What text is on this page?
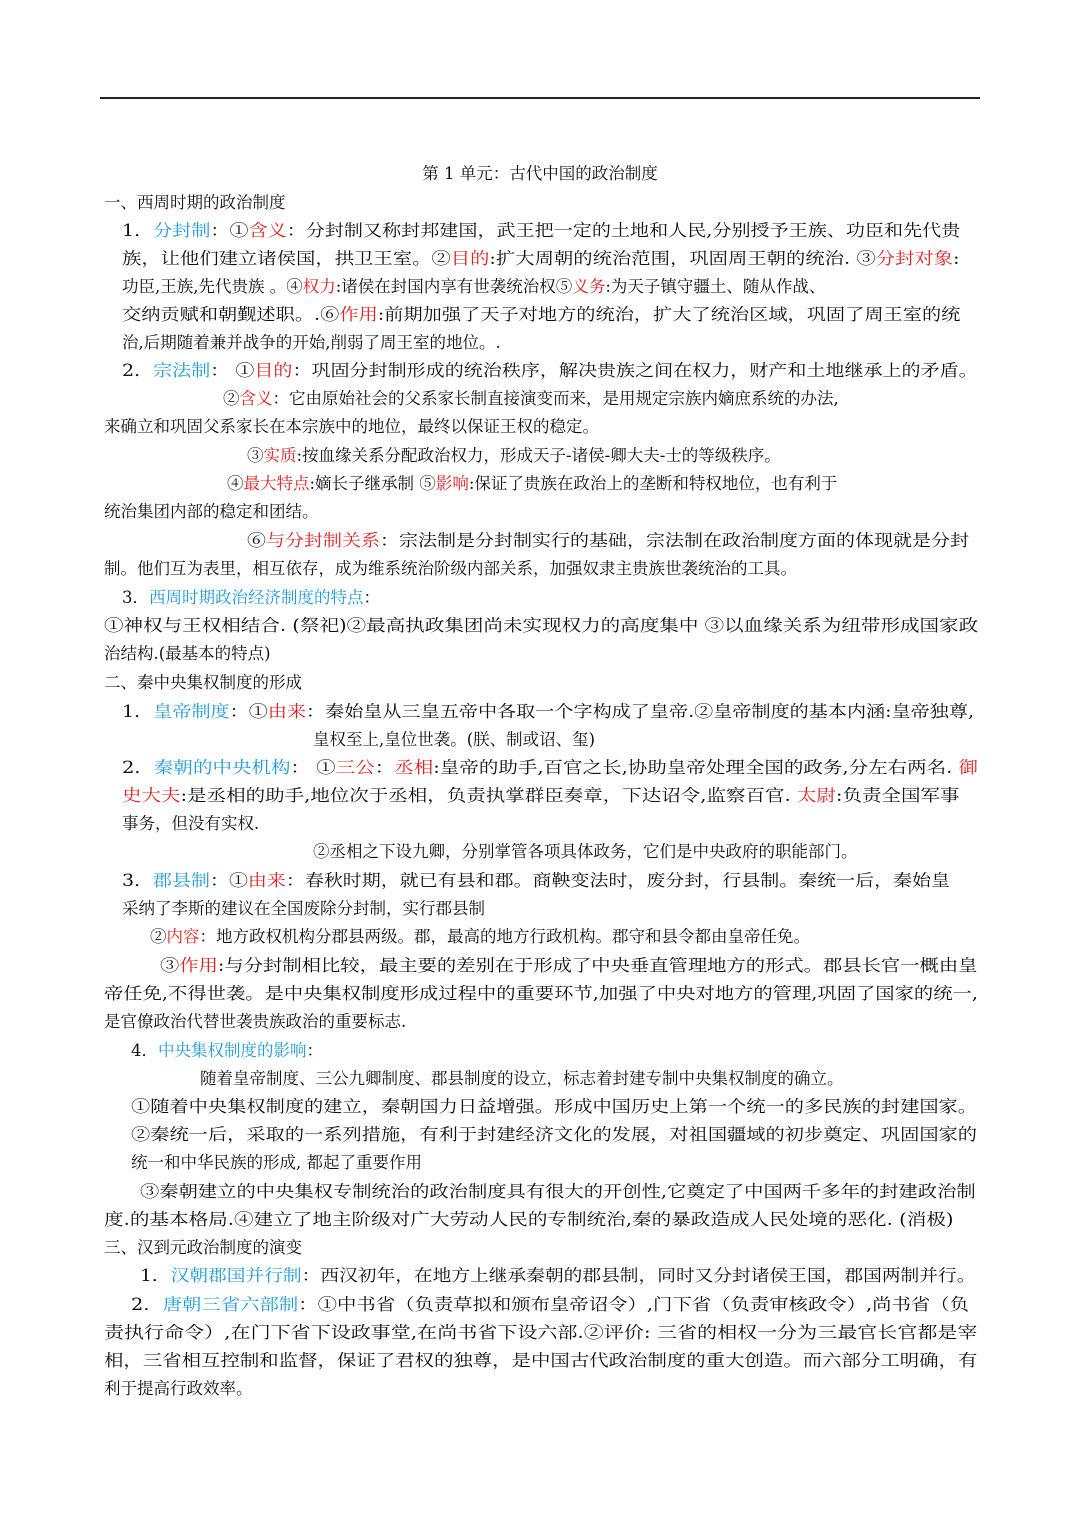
第 1 单元：古代中国的政治制度
一、西周时期的政治制度
1．分封制：①含义：分封制又称封邦建国，武王把一定的土地和人民,分别授予王族、功臣和先代贵
族，让他们建立诸侯国，拱卫王室。②目的:扩大周朝的统治范围，巩固周王朝的统治. ③分封对象:
功臣,王族,先代贵族 。④权力:诸侯在封国内享有世袭统治权⑤义务:为天子镇守疆土、随从作战、
交纳贡赋和朝觐述职。.⑥作用:前期加强了天子对地方的统治，扩大了统治区域，巩固了周王室的统
治,后期随着兼并战争的开始,削弱了周王室的地位。.
2．宗法制： ①目的：巩固分封制形成的统治秩序，解决贵族之间在权力，财产和土地继承上的矛盾。
②含义：它由原始社会的父系家长制直接演变而来，是用规定宗族内嫡庶系统的办法,
来确立和巩固父系家长在本宗族中的地位，最终以保证王权的稳定。
③实质:按血缘关系分配政治权力，形成天子-诸侯-卿大夫-士的等级秩序。
④最大特点:嫡长子继承制 ⑤影响:保证了贵族在政治上的垄断和特权地位，也有利于
统治集团内部的稳定和团结。
⑥与分封制关系：宗法制是分封制实行的基础，宗法制在政治制度方面的体现就是分封
制。他们互为表里，相互依存，成为维系统治阶级内部关系，加强奴隶主贵族世袭统治的工具。
3．西周时期政治经济制度的特点：
①神权与王权相结合. (祭祀)②最高执政集团尚未实现权力的高度集中 ③以血缘关系为纽带形成国家政
治结构.(最基本的特点)
二、秦中央集权制度的形成
1．皇帝制度：①由来：秦始皇从三皇五帝中各取一个字构成了皇帝.②皇帝制度的基本内涵:皇帝独尊,
皇权至上,皇位世袭。(朕、制或诏、玺)
2．秦朝的中央机构： ①三公：丞相:皇帝的助手,百官之长,协助皇帝处理全国的政务,分左右两名. 御
史大夫:是丞相的助手,地位次于丞相，负责执掌群臣奏章，下达诏令,监察百官. 太尉:负责全国军事
事务，但没有实权.
②丞相之下设九卿，分别掌管各项具体政务，它们是中央政府的职能部门。
3．郡县制：①由来：春秋时期，就已有县和郡。商鞅变法时，废分封，行县制。秦统一后，秦始皇
采纳了李斯的建议在全国废除分封制，实行郡县制
②内容：地方政权机构分郡县两级。郡，最高的地方行政机构。郡守和县令都由皇帝任免。
③作用:与分封制相比较，最主要的差别在于形成了中央垂直管理地方的形式。郡县长官一概由皇
帝任免,不得世袭。是中央集权制度形成过程中的重要环节,加强了中央对地方的管理,巩固了国家的统一,
是官僚政治代替世袭贵族政治的重要标志.
4．中央集权制度的影响：
随着皇帝制度、三公九卿制度、郡县制度的设立，标志着封建专制中央集权制度的确立。
①随着中央集权制度的建立，秦朝国力日益增强。形成中国历史上第一个统一的多民族的封建国家。
②秦统一后，采取的一系列措施，有利于封建经济文化的发展，对祖国疆域的初步奠定、巩固国家的
统一和中华民族的形成, 都起了重要作用
③秦朝建立的中央集权专制统治的政治制度具有很大的开创性,它奠定了中国两千多年的封建政治制
度.的基本格局.④建立了地主阶级对广大劳动人民的专制统治,秦的暴政造成人民处境的恶化. (消极)
三、汉到元政治制度的演变
1．汉朝郡国并行制：西汉初年，在地方上继承秦朝的郡县制，同时又分封诸侯王国，郡国两制并行。
2．唐朝三省六部制：①中书省（负责草拟和颁布皇帝诏令）,门下省（负责审核政令）,尚书省（负
责执行命令）,在门下省下设政事堂,在尚书省下设六部.②评价: 三省的相权一分为三最官长官都是宰
相，三省相互控制和监督，保证了君权的独尊，是中国古代政治制度的重大创造。而六部分工明确，有
利于提高行政效率。
